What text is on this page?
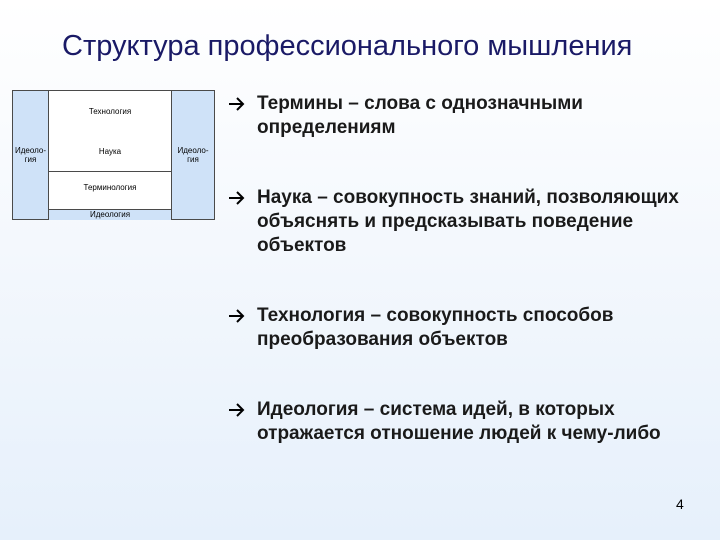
Структура профессионального мышления
Идеоло-
гия
Технология
Наука
Терминология
Идеология
Идеоло-
гия
Термины – слова с однозначными определениям
Наука – совокупность знаний, позволяющих объяснять и предсказывать поведение объектов
Технология – совокупность способов преобразования объектов
Идеология – система идей, в которых отражается отношение людей к чему-либо
4
